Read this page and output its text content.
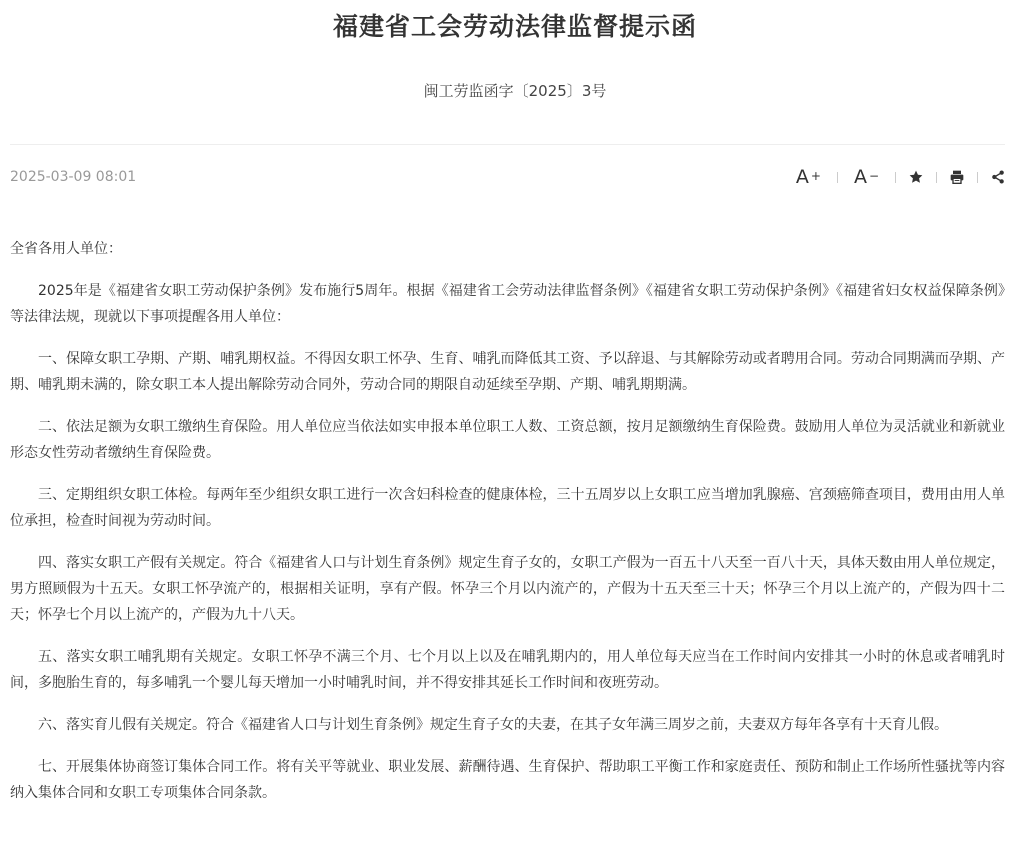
福建省工会劳动法律监督提示函
闽工劳监函字〔2025〕3号
2025-03-09 08:01	A + A −

全省各用人单位：

2025年是《福建省女职工劳动保护条例》发布施行5周年。根据《福建省工会劳动法律监督条例》《福建省女职工劳动保护条例》《福建省妇女权益保障条例》等法律法规，现就以下事项提醒各用人单位：

一、保障女职工孕期、产期、哺乳期权益。不得因女职工怀孕、生育、哺乳而降低其工资、予以辞退、与其解除劳动或者聘用合同。劳动合同期满而孕期、产期、哺乳期未满的，除女职工本人提出解除劳动合同外，劳动合同的期限自动延续至孕期、产期、哺乳期期满。

二、依法足额为女职工缴纳生育保险。用人单位应当依法如实申报本单位职工人数、工资总额，按月足额缴纳生育保险费。鼓励用人单位为灵活就业和新就业形态女性劳动者缴纳生育保险费。

三、定期组织女职工体检。每两年至少组织女职工进行一次含妇科检查的健康体检，三十五周岁以上女职工应当增加乳腺癌、宫颈癌筛查项目，费用由用人单位承担，检查时间视为劳动时间。

四、落实女职工产假有关规定。符合《福建省人口与计划生育条例》规定生育子女的，女职工产假为一百五十八天至一百八十天，具体天数由用人单位规定，男方照顾假为十五天。女职工怀孕流产的，根据相关证明，享有产假。怀孕三个月以内流产的，产假为十五天至三十天；怀孕三个月以上流产的，产假为四十二天；怀孕七个月以上流产的，产假为九十八天。

五、落实女职工哺乳期有关规定。女职工怀孕不满三个月、七个月以上以及在哺乳期内的，用人单位每天应当在工作时间内安排其一小时的休息或者哺乳时间，多胞胎生育的，每多哺乳一个婴儿每天增加一小时哺乳时间，并不得安排其延长工作时间和夜班劳动。

六、落实育儿假有关规定。符合《福建省人口与计划生育条例》规定生育子女的夫妻，在其子女年满三周岁之前，夫妻双方每年各享有十天育儿假。

七、开展集体协商签订集体合同工作。将有关平等就业、职业发展、薪酬待遇、生育保护、帮助职工平衡工作和家庭责任、预防和制止工作场所性骚扰等内容纳入集体合同和女职工专项集体合同条款。
